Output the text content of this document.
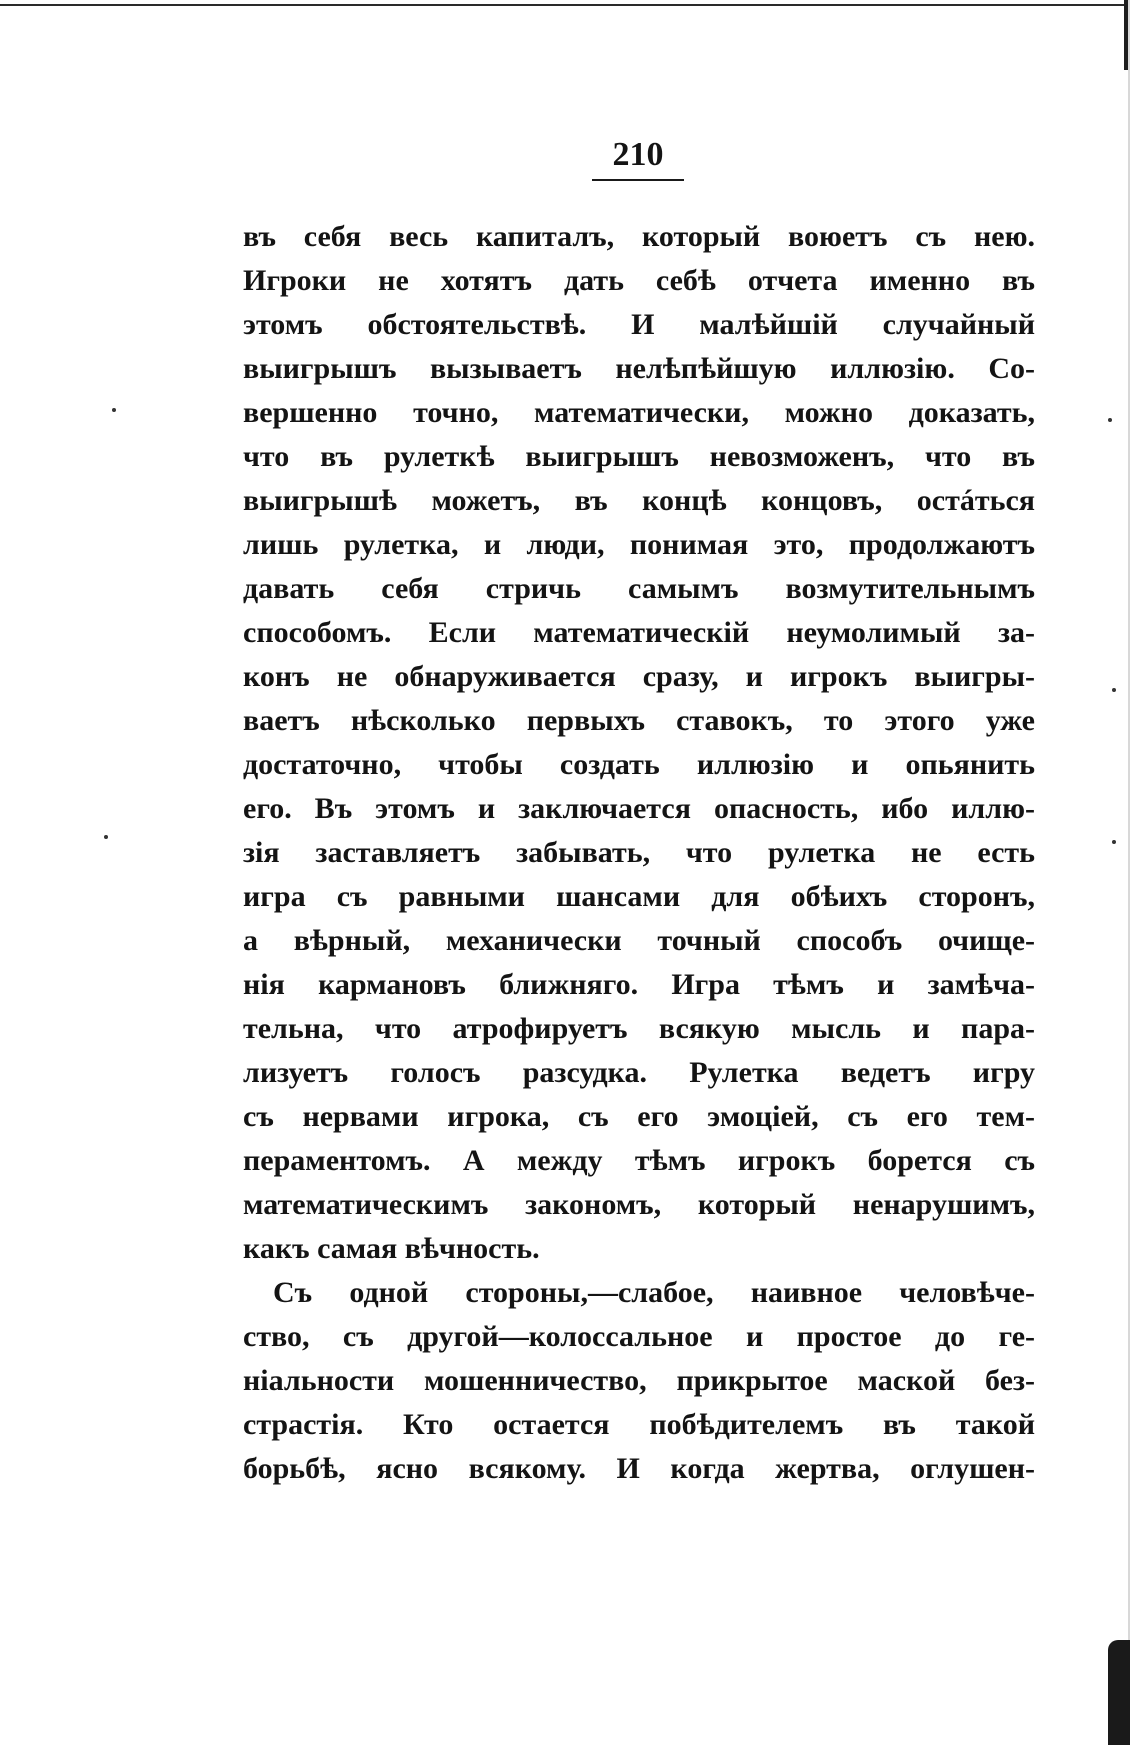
210
въ себя весь капиталъ, который воюетъ съ нею.
Игроки не хотятъ дать себѣ отчета именно въ
этомъ обстоятельствѣ. И малѣйшій случайный
выигрышъ вызываетъ нелѣпѣйшую иллюзію. Со-
вершенно точно, математически, можно доказать,
что въ рулеткѣ выигрышъ невозможенъ, что въ
выигрышѣ можетъ, въ концѣ концовъ, остáться
лишь рулетка, и люди, понимая это, продолжаютъ
давать себя стричь самымъ возмутительнымъ
способомъ. Если математическій неумолимый за-
конъ не обнаруживается сразу, и игрокъ выигры-
ваетъ нѣсколько первыхъ ставокъ, то этого уже
достаточно, чтобы создать иллюзію и опьянить
его. Въ этомъ и заключается опасность, ибо иллю-
зія заставляетъ забывать, что рулетка не есть
игра съ равными шансами для обѣихъ сторонъ,
а вѣрный, механически точный способъ очище-
нія кармановъ ближняго. Игра тѣмъ и замѣча-
тельна, что атрофируетъ всякую мысль и пара-
лизуетъ голосъ разсудка. Рулетка ведетъ игру
съ нервами игрока, съ его эмоціей, съ его тем-
пераментомъ. А между тѣмъ игрокъ борется съ
математическимъ закономъ, который ненарушимъ,
какъ самая вѣчность.
Съ одной стороны,—слабое, наивное человѣче-
ство, съ другой—колоссальное и простое до ге-
ніальности мошенничество, прикрытое маской без-
страстія. Кто остается побѣдителемъ въ такой
борьбѣ, ясно всякому. И когда жертва, оглушен-
